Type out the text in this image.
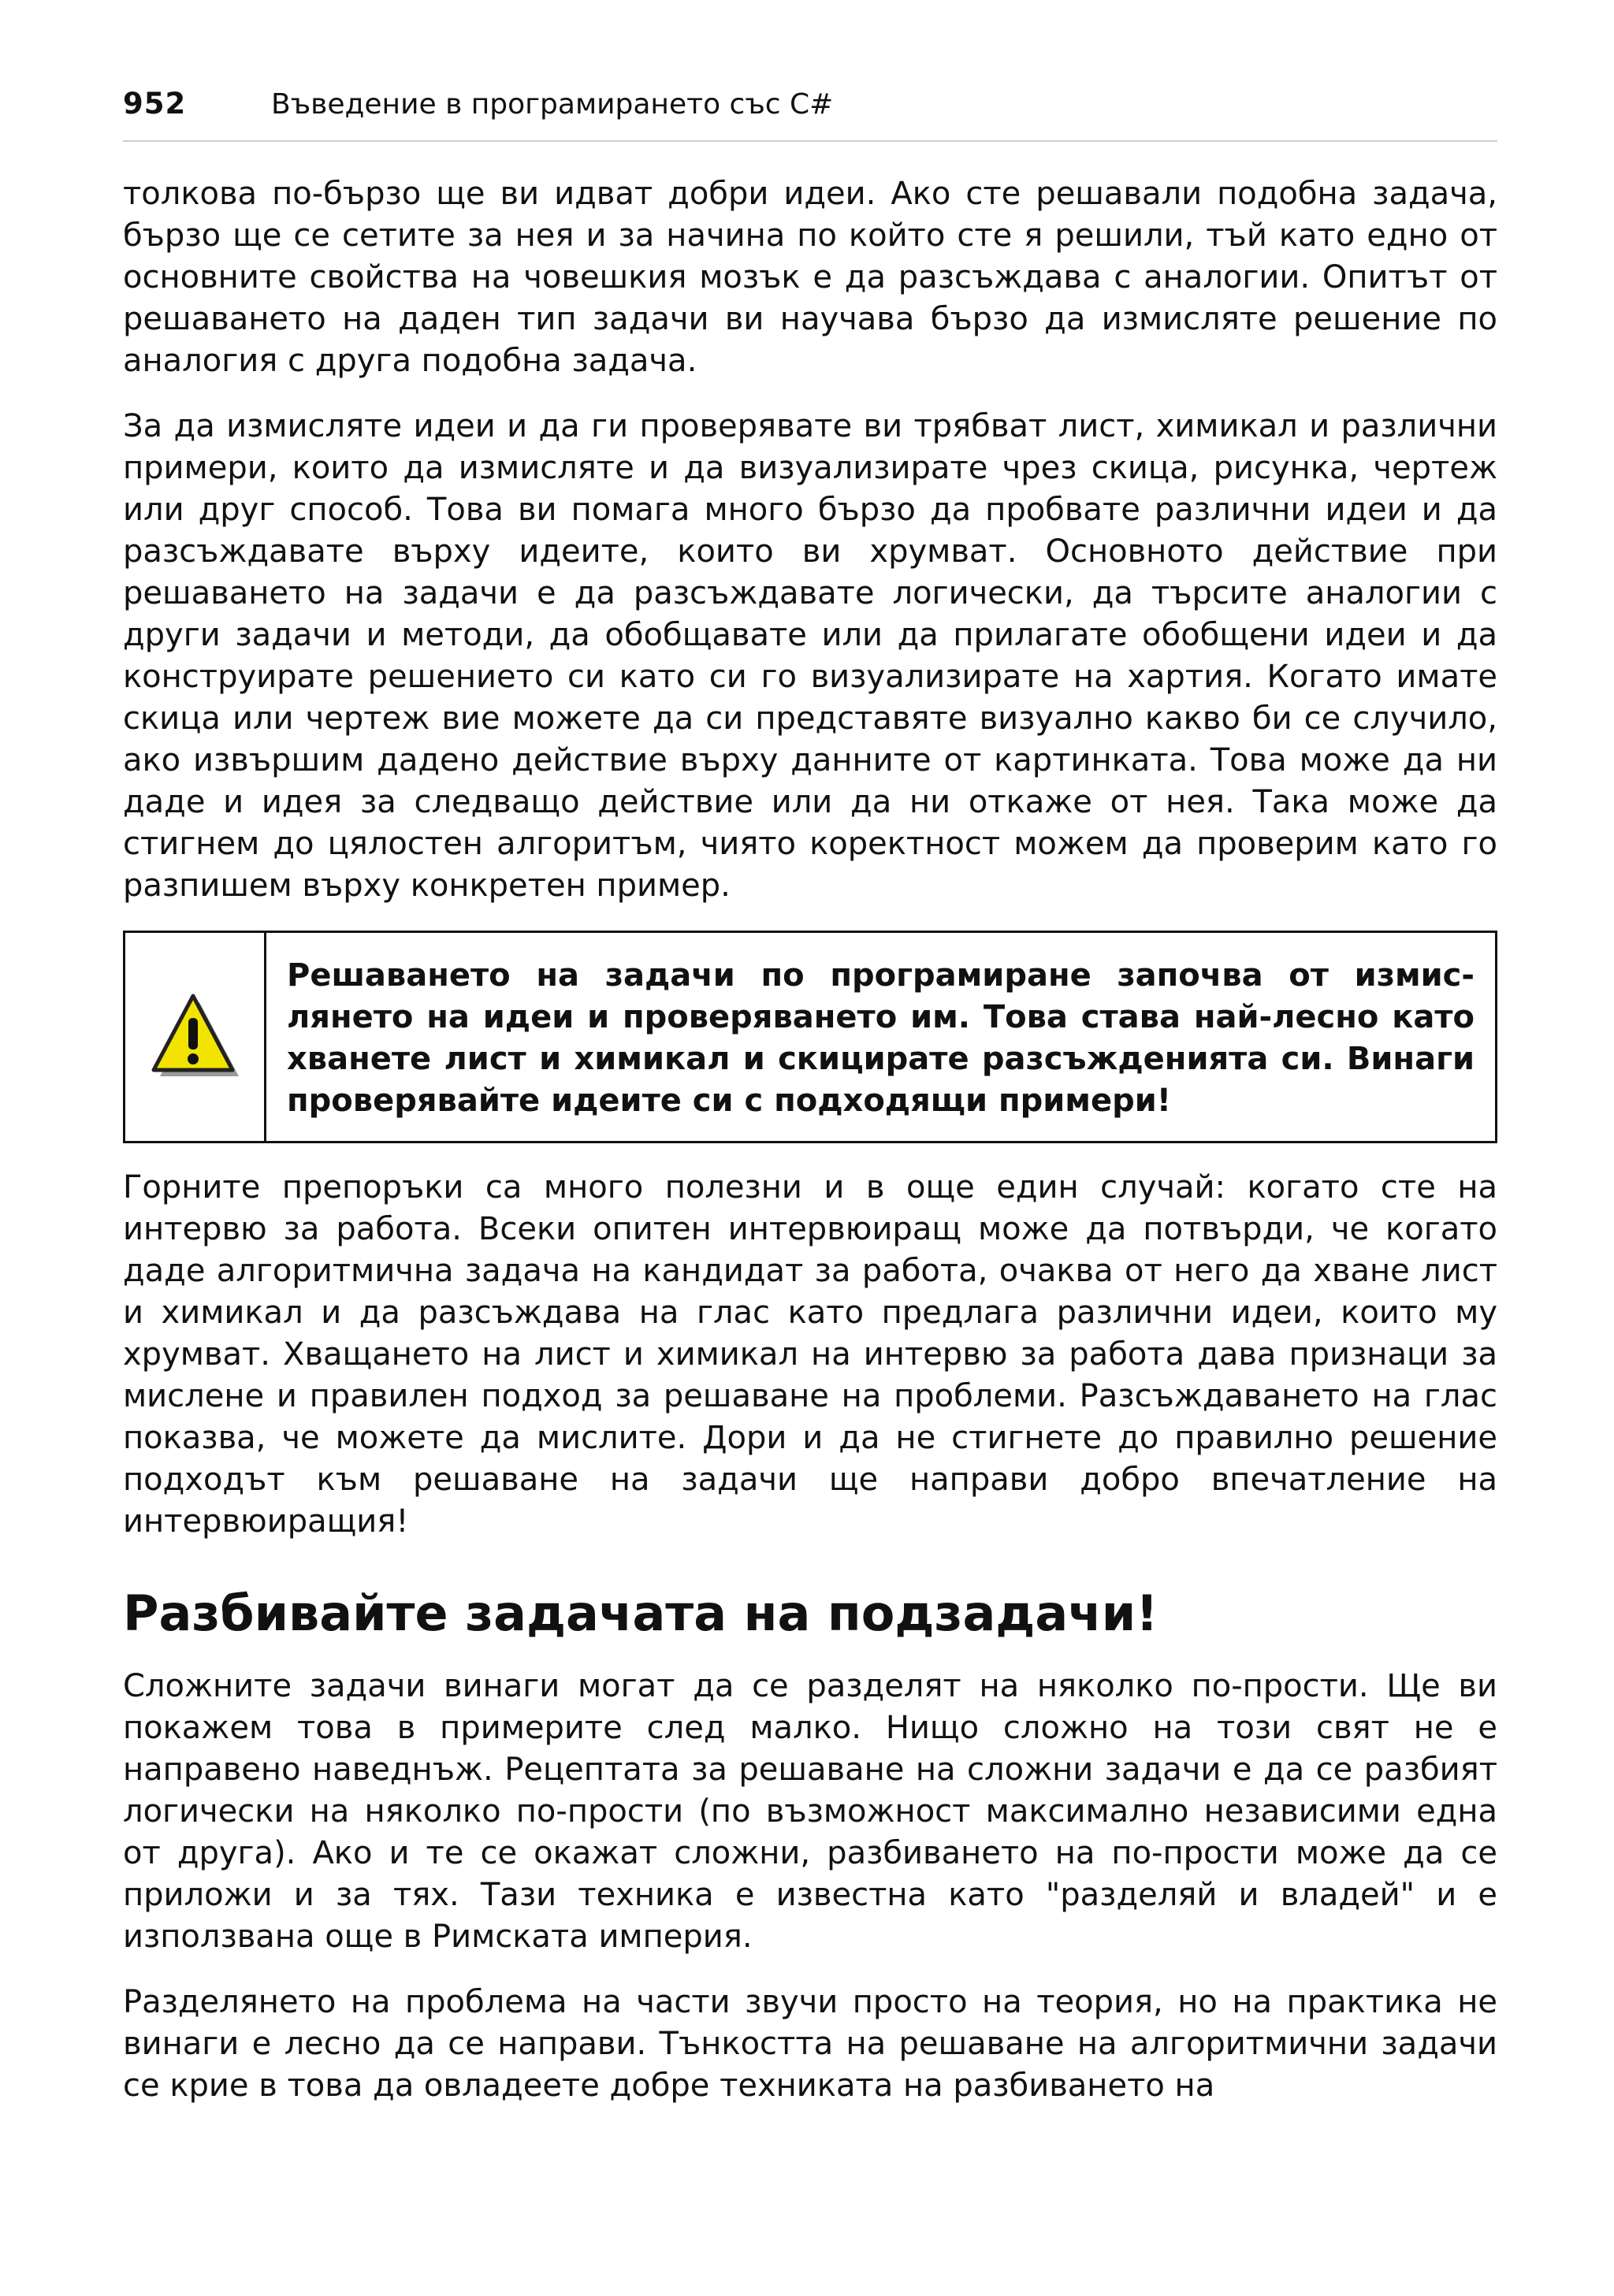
952	Въведение в програмирането със C#

толкова по-бързо ще ви идват добри идеи. Ако сте решавали подобна задача, бързо ще се сетите за нея и за начина по който сте я решили, тъй като едно от основните свойства на човешкия мозък е да разсъждава с аналогии. Опитът от решаването на даден тип задачи ви научава бързо да измисляте решение по аналогия с друга подобна задача.

За да измисляте идеи и да ги проверявате ви трябват лист, химикал и различни примери, които да измисляте и да визуализирате чрез скица, рисунка, чертеж или друг способ. Това ви помага много бързо да пробвате различни идеи и да разсъждавате върху идеите, които ви хрумват. Основното действие при решаването на задачи е да разсъждавате логически, да търсите аналогии с други задачи и методи, да обобщавате или да прилагате обобщени идеи и да конструирате решението си като си го визуализирате на хартия. Когато имате скица или чертеж вие можете да си представяте визуално какво би се случило, ако извършим дадено действие върху данните от картинката. Това може да ни даде и идея за следващо действие или да ни откаже от нея. Така може да стигнем до цялостен алгоритъм, чиято коректност можем да проверим като го разпишем върху конкретен пример.

Решаването на задачи по програмиране започва от измислянето на идеи и проверяването им. Това става най-лесно като хванете лист и химикал и скицирате разсъжденията си. Винаги проверявайте идеите си с подходящи примери!

Горните препоръки са много полезни и в още един случай: когато сте на интервю за работа. Всеки опитен интервюиращ може да потвърди, че когато даде алгоритмична задача на кандидат за работа, очаква от него да хване лист и химикал и да разсъждава на глас като предлага различни идеи, които му хрумват. Хващането на лист и химикал на интервю за работа дава признаци за мислене и правилен подход за решаване на проблеми. Разсъждаването на глас показва, че можете да мислите. Дори и да не стигнете до правилно решение подходът към решаване на задачи ще направи добро впечатление на интервюиращия!

Разбивайте задачата на подзадачи!

Сложните задачи винаги могат да се разделят на няколко по-прости. Ще ви покажем това в примерите след малко. Нищо сложно на този свят не е направено наведнъж. Рецептата за решаване на сложни задачи е да се разбият логически на няколко по-прости (по възможност максимално независими една от друга). Ако и те се окажат сложни, разбиването на по-прости може да се приложи и за тях. Тази техника е известна като "разделяй и владей" и е използвана още в Римската империя.

Разделянето на проблема на части звучи просто на теория, но на практика не винаги е лесно да се направи. Тънкостта на решаване на алгоритмични задачи се крие в това да овладеете добре техниката на разбиването на
